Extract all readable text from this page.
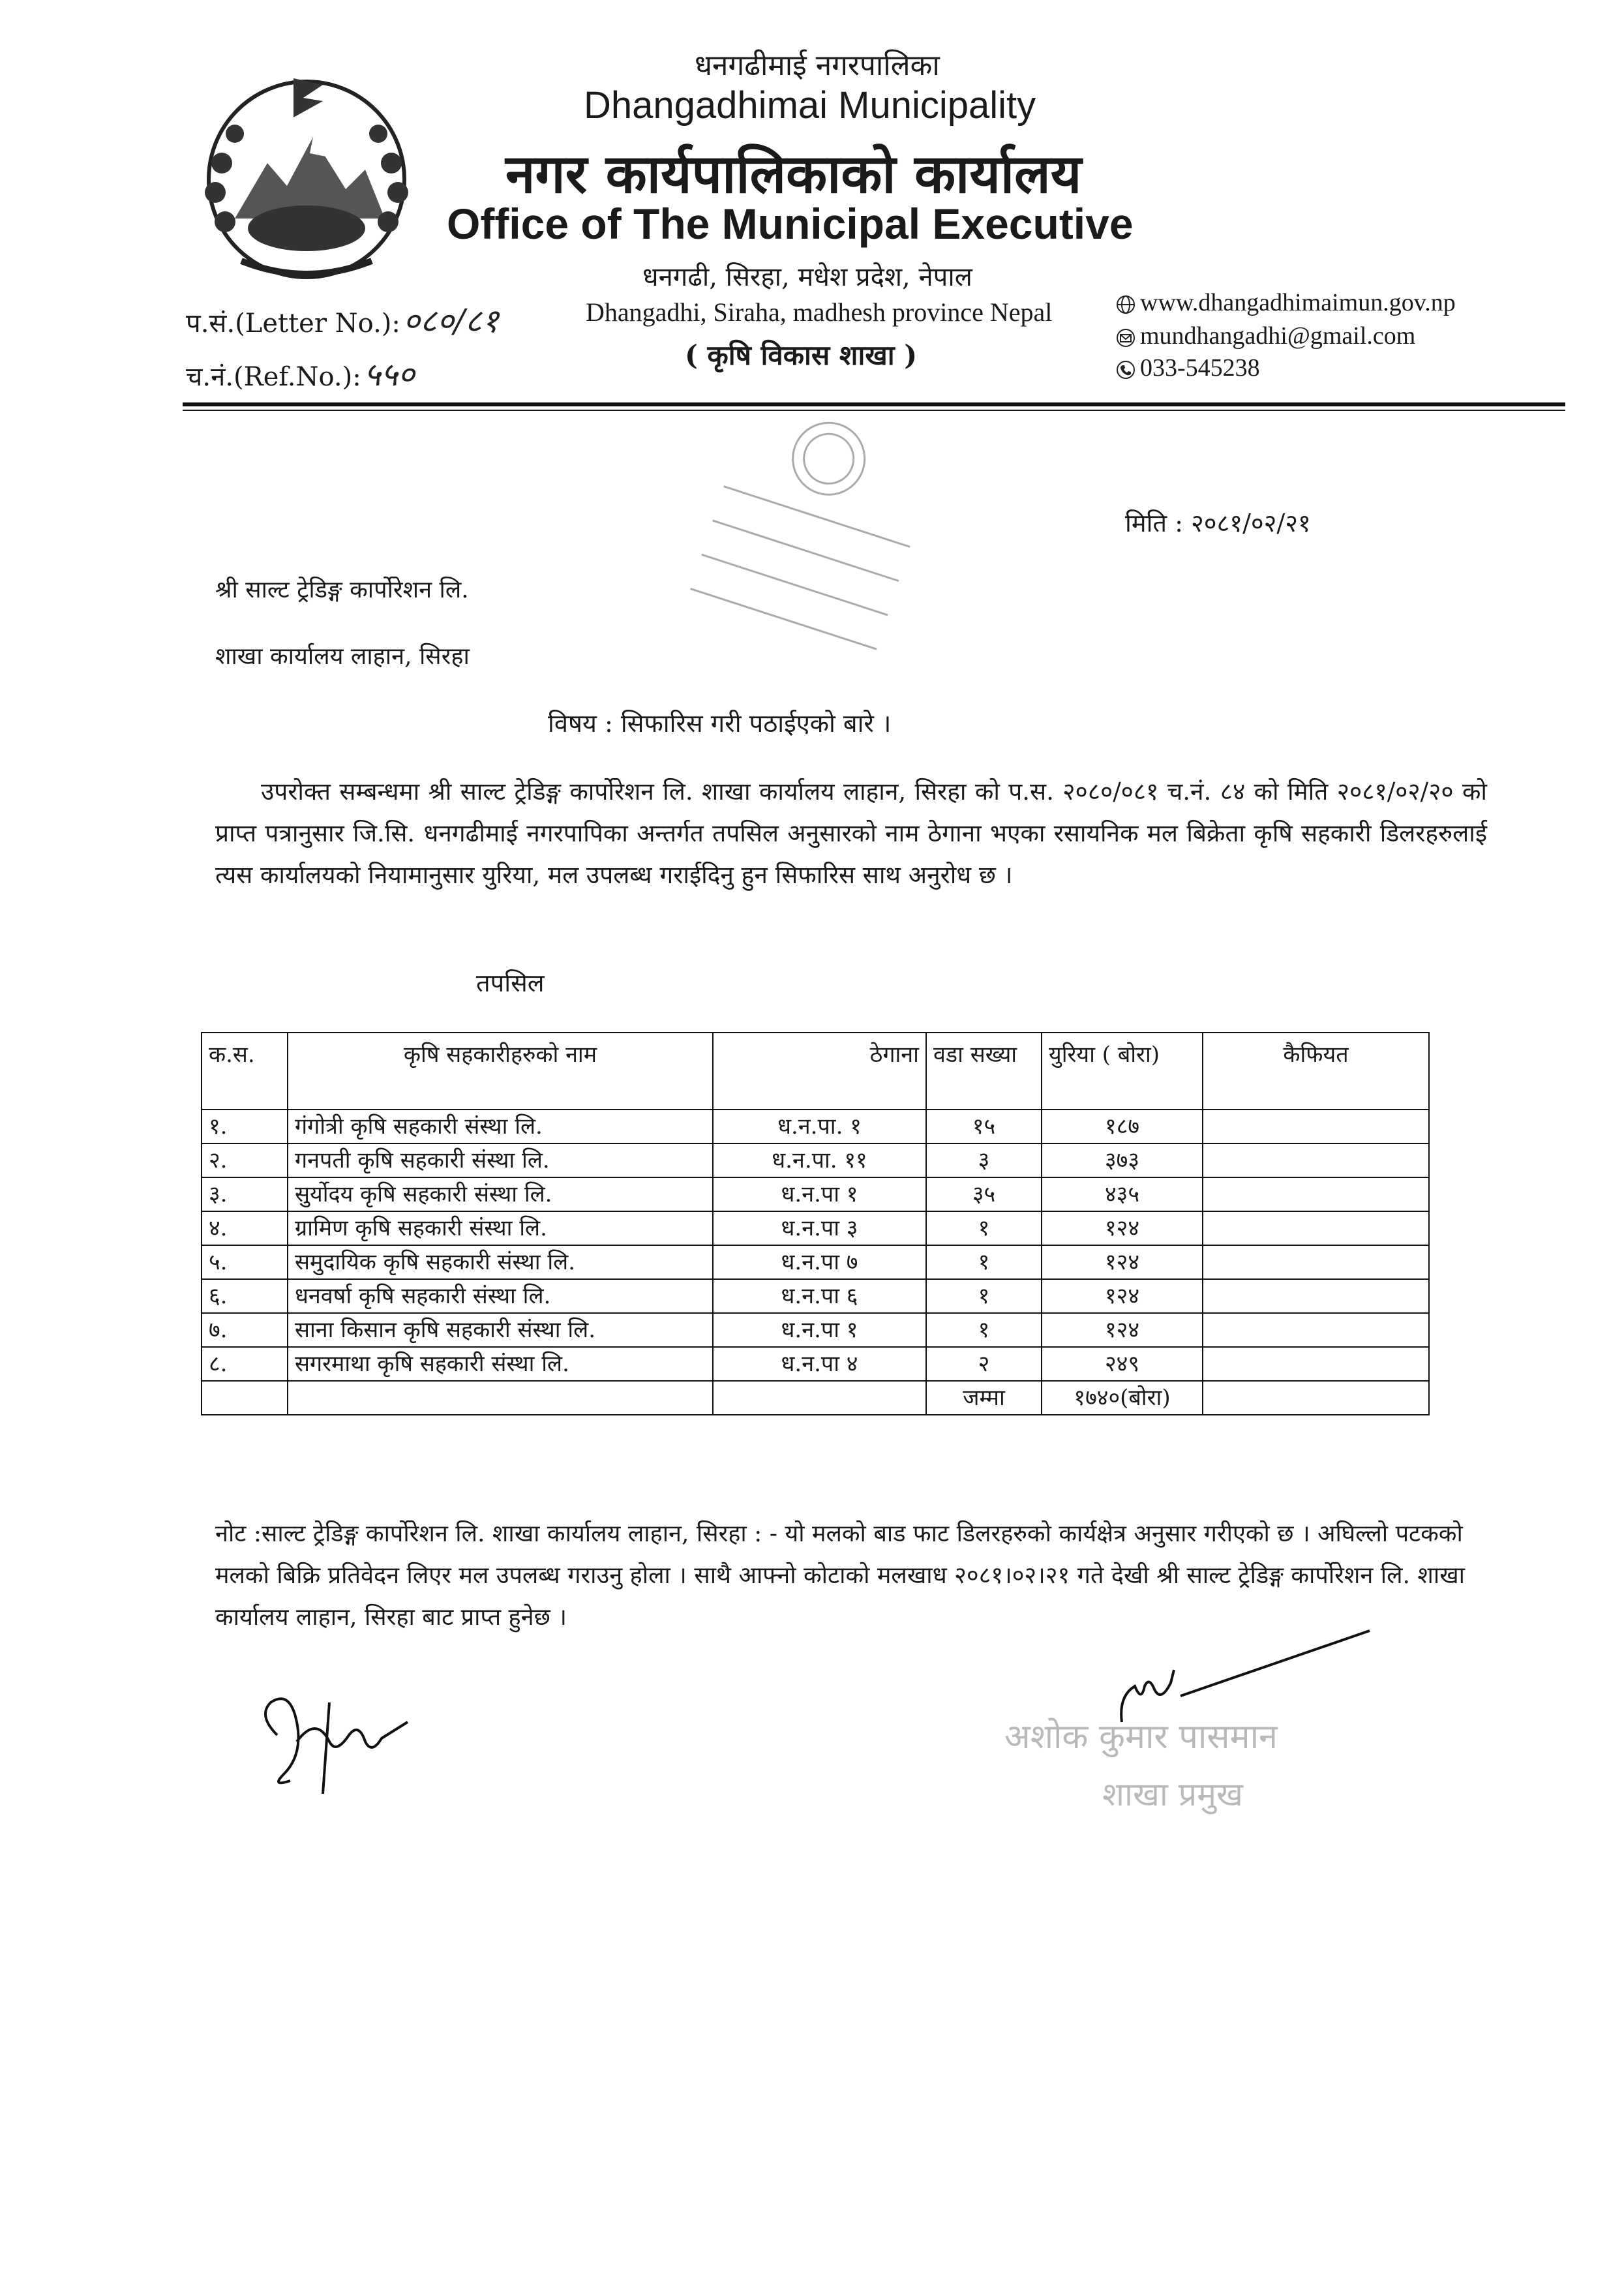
धनगढीमाई नगरपालिका
Dhangadhimai Municipality
नगर कार्यपालिकाको कार्यालय
Office of The Municipal Executive
धनगढी, सिरहा, मधेश प्रदेश, नेपाल
Dhangadhi, Siraha, madhesh province Nepal
( कृषि विकास शाखा )
www.dhangadhimaimun.gov.np
mundhangadhi@gmail.com
033-545238
प.सं.(Letter No.):०८०/८१
च.नं.(Ref.No.):५५०
मिति : २०८१/०२/२१
श्री साल्ट ट्रेडिङ्ग कार्पोरेशन लि.
शाखा कार्यालय लाहान, सिरहा
विषय : सिफारिस गरी पठाईएको बारे ।
उपरोक्त सम्बन्धमा श्री साल्ट ट्रेडिङ्ग कार्पोरेशन लि. शाखा कार्यालय लाहान, सिरहा को प.स. २०८०/०८१ च.नं. ८४ को मिति २०८१/०२/२० को प्राप्त पत्रानुसार जि.सि. धनगढीमाई नगरपापिका अन्तर्गत तपसिल अनुसारको नाम ठेगाना भएका रसायनिक मल बिक्रेता कृषि सहकारी डिलरहरुलाई त्यस कार्यालयको नियामानुसार युरिया, मल उपलब्ध गराईदिनु हुन सिफारिस साथ अनुरोध छ ।
तपसिल
क.स.	कृषि सहकारीहरुको नाम	ठेगाना	वडा सख्या	युरिया ( बोरा)	कैफियत
१.	गंगोत्री कृषि सहकारी संस्था लि.	ध.न.पा. १	१५	१८७	
२.	गनपती कृषि सहकारी संस्था लि.	ध.न.पा. ११	३	३७३	
३.	सुर्योदय कृषि सहकारी संस्था लि.	ध.न.पा १	३५	४३५	
४.	ग्रामिण कृषि सहकारी संस्था लि.	ध.न.पा ३	१	१२४	
५.	समुदायिक कृषि सहकारी संस्था लि.	ध.न.पा ७	१	१२४	
६.	धनवर्षा कृषि सहकारी संस्था लि.	ध.न.पा ६	१	१२४	
७.	साना किसान कृषि सहकारी संस्था लि.	ध.न.पा १	१	१२४	
८.	सगरमाथा कृषि सहकारी संस्था लि.	ध.न.पा ४	२	२४९	
			जम्मा	१७४०(बोरा)	
नोट :साल्ट ट्रेडिङ्ग कार्पोरेशन लि. शाखा कार्यालय लाहान, सिरहा : - यो मलको बाड फाट डिलरहरुको कार्यक्षेत्र अनुसार गरीएको छ । अघिल्लो पटकको मलको बिक्रि प्रतिवेदन लिएर मल उपलब्ध गराउनु होला । साथै आफ्नो कोटाको मलखाध २०८१।०२।२१ गते देखी श्री साल्ट ट्रेडिङ्ग कार्पोरेशन लि. शाखा कार्यालय लाहान, सिरहा बाट प्राप्त हुनेछ ।
अशोक कुमार पासमान
शाखा प्रमुख
